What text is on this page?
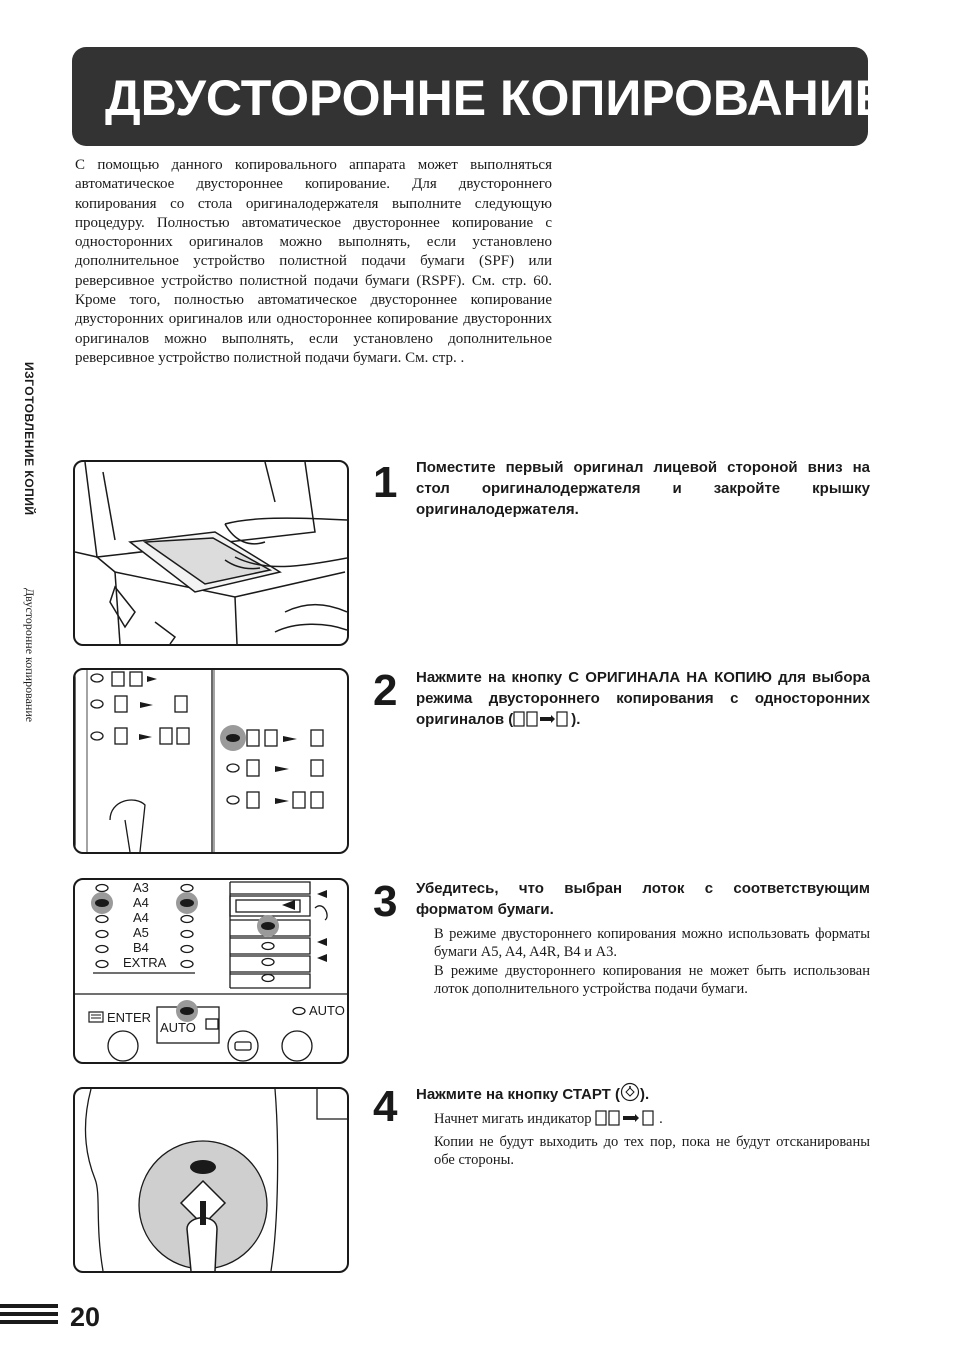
ДВУСТОРОННЕ КОПИРОВАНИЕ

С помощью данного копировального аппарата может выполняться автоматическое двустороннее копирование. Для двустороннего копирования со стола оригиналодержателя выполните следующую процедуру. Полностью автоматическое двустороннее копирование с односторонних оригиналов можно выполнять, если установлено дополнительное устройство полистной подачи бумаги (SPF) или реверсивное устройство полистной подачи бумаги (RSPF). См. стр. 60. Кроме того, полностью автоматическое двустороннее копирование двусторонних оригиналов или одностороннее копирование двусторонних оригиналов можно выполнять, если установлено дополнительное реверсивное устройство полистной подачи бумаги. См. стр. .

ИЗГОТОВЛЕНИЕ КОПИЙ
Двусторонне копирование
A3
A4
A4
A5
B4
EXTRA
ENTER
AUTO
AUTO
1 Поместите первый оригинал лицевой стороной вниз на стол оригиналодержателя и закройте крышку оригиналодержателя.

2 Нажмите на кнопку С ОРИГИНАЛА НА КОПИЮ для выбора режима двустороннего копирования с односторонних оригиналов (	).

3 Убедитесь, что выбран лоток с соответствующим форматом бумаги.

В режиме двустороннего копирования можно использовать форматы бумаги A5, A4, A4R, B4 и A3.

В режиме двустороннего копирования не может быть использован лоток дополнительного устройства подачи бумаги.

4 Нажмите на кнопку СТАРТ ( ).

Начнет мигать индикатор	.

Копии не будут выходить до тех пор, пока не будут отсканированы обе стороны.

20
